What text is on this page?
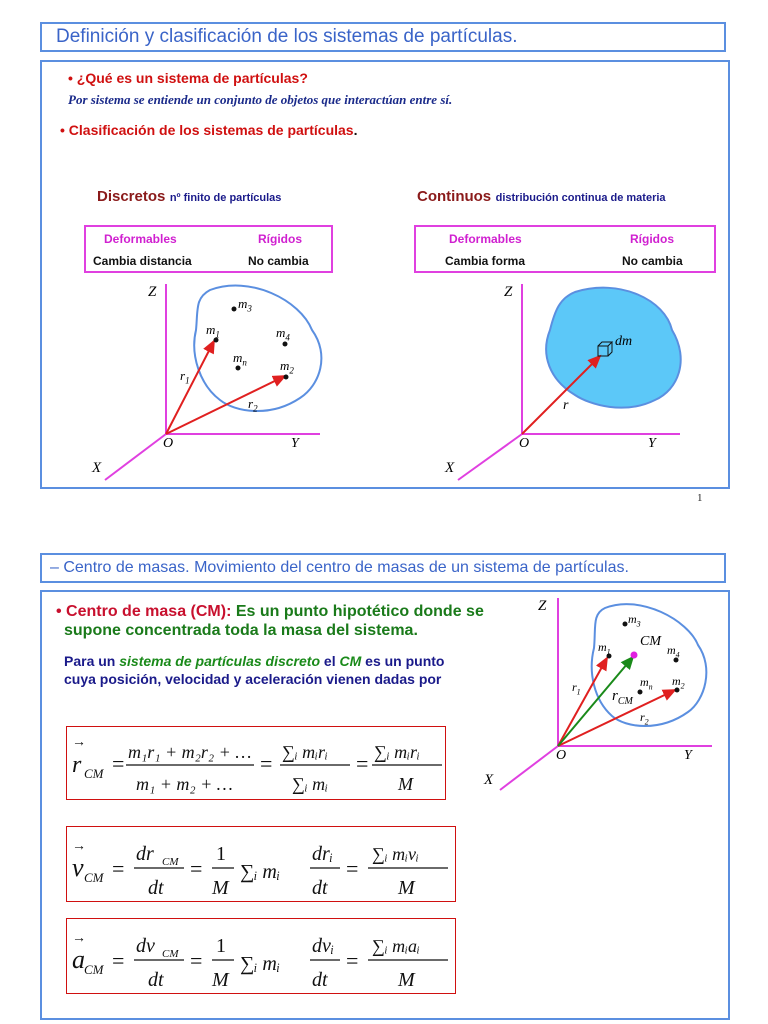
Definición y clasificación de los sistemas de partículas.
• ¿Qué es un sistema de partículas?
Por sistema se entiende un conjunto de objetos que interactúan entre sí.
• Clasificación de los sistemas de partículas.
Discretos nº finito de partículas
Deformables	Rígidos
Cambia distancia	No cambia
Continuos distribución continua de materia
Deformables	Rígidos
Cambia forma	No cambia
Z
O	Y
X
$m_3$
$m_1$	$m_4$
$m_n$	$m_2$
$r_1$
$r_2$
Z
O	Y
X
dm
r
1
– Centro de masas. Movimiento del centro de masas de un sistema de partículas.
• Centro de masa (CM): Es un punto hipotético donde se
supone concentrada toda la masa del sistema.
Para un sistema de partículas discreto el CM es un punto
cuya posición, velocidad y aceleración vienen dadas por
→
r CM = m₁r₁ + m₂r₂ + …
m₁ + m₂ + …
= ∑ᵢ mᵢrᵢ
∑ᵢ mᵢ
= ∑ᵢ mᵢrᵢ
M
→
v CM =
dr CM
dt
=
1
M
∑ᵢ mᵢ
drᵢ
dt
=
∑ᵢ mᵢvᵢ
M
→
a CM =
dv CM
dt
=
1
M
∑ᵢ mᵢ
dvᵢ
dt
=
∑ᵢ mᵢaᵢ
M
Z
O	Y
X
$m_3$
$m_1$
CM
$m_4$
$m_n$ $m_2$
$r_1$ $r_{CM}$
$r_2$
